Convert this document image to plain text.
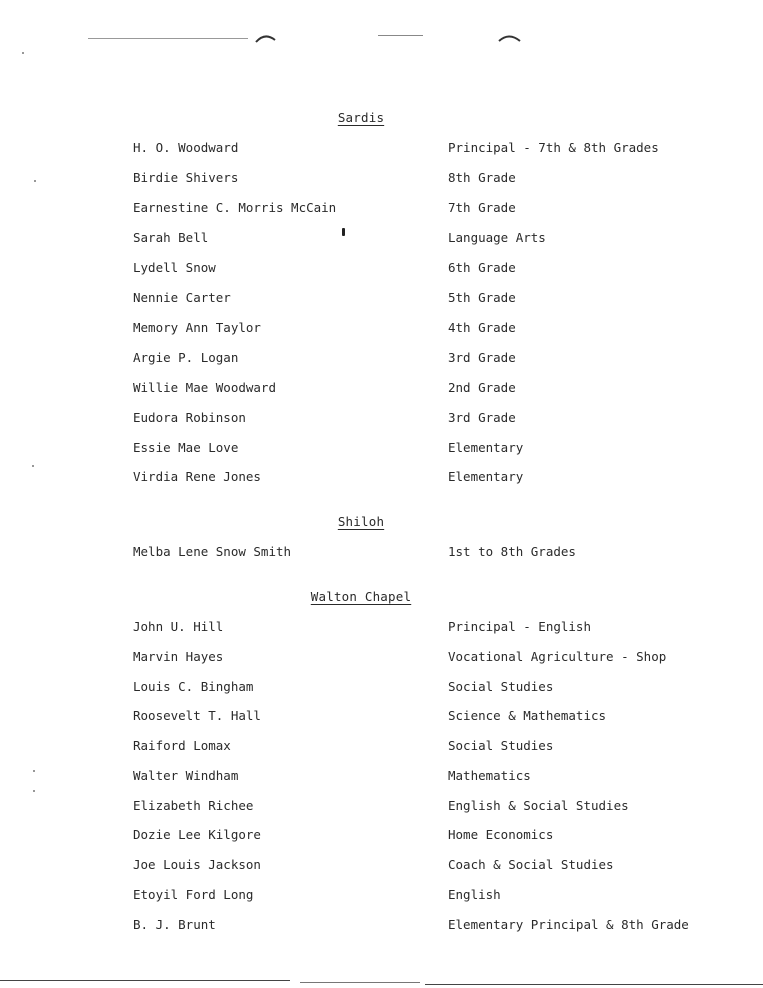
Sardis
H. O. Woodward	Principal - 7th & 8th Grades
Birdie Shivers	8th Grade
Earnestine C. Morris McCain	7th Grade
Sarah Bell	Language Arts
Lydell Snow	6th Grade
Nennie Carter	5th Grade
Memory Ann Taylor	4th Grade
Argie P. Logan	3rd Grade
Willie Mae Woodward	2nd Grade
Eudora Robinson	3rd Grade
Essie Mae Love	Elementary
Virdia Rene Jones	Elementary
Shiloh
Melba Lene Snow Smith	1st to 8th Grades
Walton Chapel
John U. Hill	Principal - English
Marvin Hayes	Vocational Agriculture - Shop
Louis C. Bingham	Social Studies
Roosevelt T. Hall	Science & Mathematics
Raiford Lomax	Social Studies
Walter Windham	Mathematics
Elizabeth Richee	English & Social Studies
Dozie Lee Kilgore	Home Economics
Joe Louis Jackson	Coach & Social Studies
Etoyil Ford Long	English
B. J. Brunt	Elementary Principal & 8th Grade
